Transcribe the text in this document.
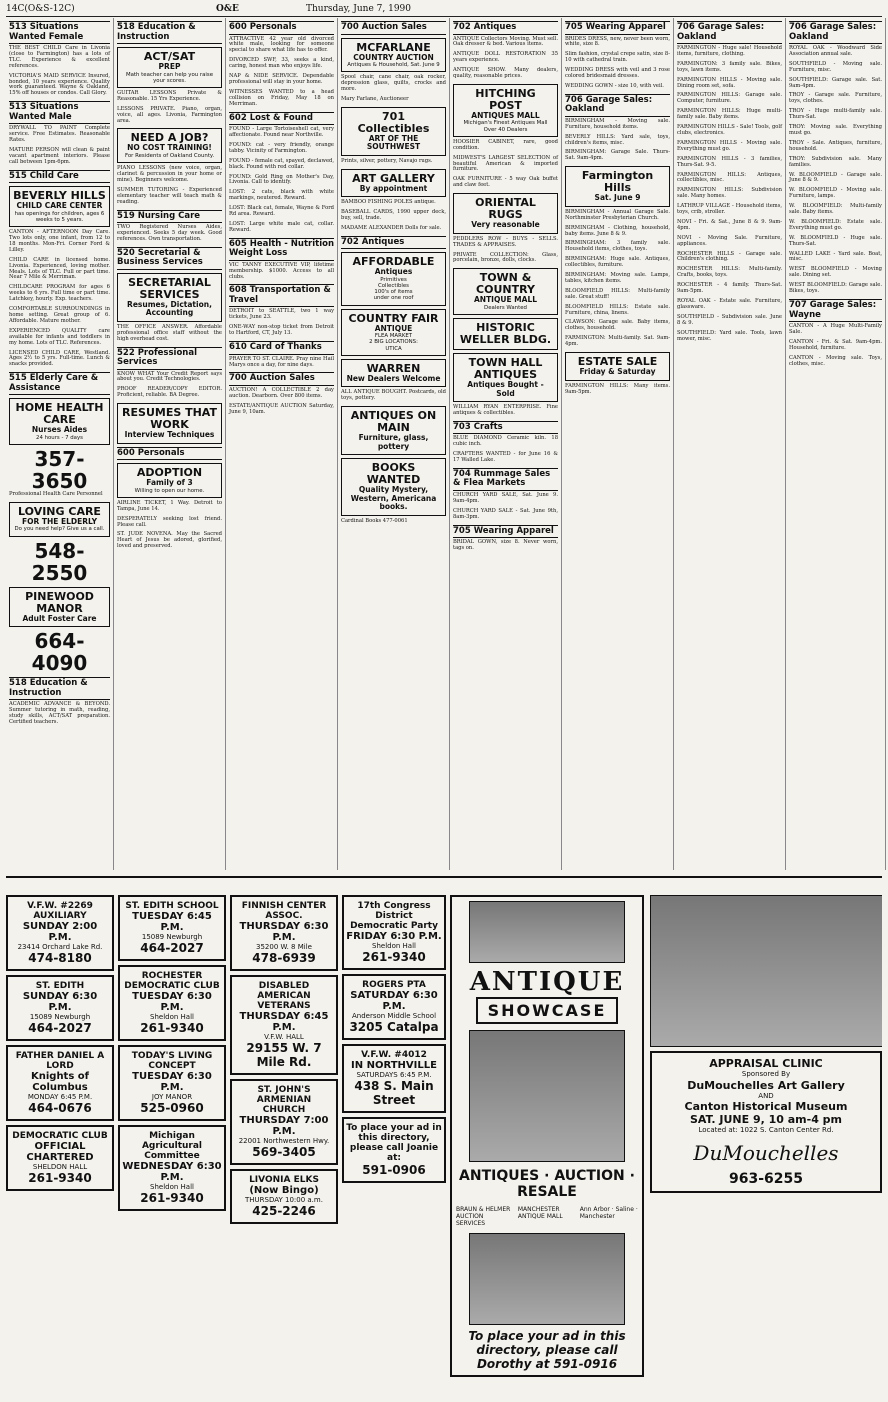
14C(O&S-12C)	O&E	Thursday, June 7, 1990
513 Situations Wanted Female
THE BEST CHILD Care in Livonia (close to Farmington) has a lots of TLC. Experience & excellent references.
VICTORIA'S MAID SERVICE Insured, bonded, 10 years experience. Quality work guaranteed. Wayne & Oakland, 15% off houses or condos. Call Glory.
513 Situations Wanted Male
DRYWALL TO PAINT Complete service. Free Estimates. Reasonable Rates.
MATURE PERSON will clean & paint vacant apartment interiors. Please call between 1pm-6pm.
515 Child Care
BEVERLY HILLS
CHILD CARE CENTER
has openings for children, ages 6 weeks to 5 years.
CANTON - AFTERNOON Day Care. Two lots only, one infant, from 12 to 18 months. Mon-Fri. Corner Ford & Lilley.
CHILD CARE in licensed home. Livonia. Experienced, loving mother. Meals. Lots of TLC. Full or part time. Near 7 Mile & Merriman.
CHILDCARE PROGRAM for ages 6 weeks to 6 yrs. Full time or part time. Latchkey, hourly. Exp. teachers.
COMFORTABLE SURROUNDINGS in home setting. Great group of 6. Affordable. Mature mother.
EXPERIENCED QUALITY care available for infants and toddlers in my home. Lots of TLC. References.
LICENSED CHILD CARE, Westland. Ages 2½ to 5 yrs. Full-time. Lunch & snacks provided.
515 Elderly Care & Assistance
HOME HEALTH CARE
Nurses Aides
24 hours - 7 days
357-3650
Professional Health Care Personnel
LOVING CARE
FOR THE ELDERLY
Do you need help? Give us a call.
548-2550
PINEWOOD MANOR
Adult Foster Care
664-4090
518 Education & Instruction
ACADEMIC ADVANCE & BEYOND. Summer tutoring in math, reading, study skills, ACT/SAT preparation. Certified teachers.
518 Education & Instruction
ACT/SAT
PREP
Math teacher can help you raise your scores.
GUITAR LESSONS Private & Reasonable. 15 Yrs Experience.
LESSONS PRIVATE. Piano, organ, voice, all ages. Livonia, Farmington area.
NEED A JOB?
NO COST TRAINING!
For Residents of Oakland County.
PIANO LESSONS (new voice, organ, clarinet & percussion in your home or mine). Beginners welcome.
SUMMER TUTORING - Experienced elementary teacher will teach math & reading.
519 Nursing Care
TWO Registered Nurses Aides, experienced. Seeks 5 day week. Good references. Own transportation.
520 Secretarial & Business Services
SECRETARIAL SERVICES
Resumes, Dictation, Accounting
THE OFFICE ANSWER. Affordable professional office staff without the high overhead cost.
522 Professional Services
KNOW WHAT Your Credit Report says about you. Credit Technologies.
PROOF READER/COPY EDITOR. Proficient, reliable. BA Degree.
RESUMES THAT WORK
Interview Techniques
600 Personals
ADOPTION
Family of 3
Willing to open our home.
AIRLINE TICKET, 1 Way. Detroit to Tampa, June 14.
DESPERATELY seeking lost friend. Please call.
ST. JUDE NOVENA. May the Sacred Heart of Jesus be adored, glorified, loved and preserved.
600 Personals
ATTRACTIVE 42 year old divorced white male, looking for someone special to share what life has to offer.
DIVORCED SWF, 33, seeks a kind, caring, honest man who enjoys life.
NAP & NIDE SERVICE. Dependable professional will stay in your home.
WITNESSES WANTED to a head collision on Friday, May 18 on Merriman.
602 Lost & Found
FOUND - Large Tortoiseshell cat, very affectionate. Found near Northville.
FOUND: cat - very friendly, orange tabby. Vicinity of Farmington.
FOUND - female cat, spayed, declawed, black. Found with red collar.
FOUND: Gold Ring on Mother's Day, Livonia. Call to identify.
LOST: 2 cats, black with white markings, neutered. Reward.
LOST: Black cat, female, Wayne & Ford Rd area. Reward.
LOST: Large white male cat, collar. Reward.
605 Health - Nutrition Weight Loss
VIC TANNY EXECUTIVE VIP, lifetime membership. $1000. Access to all clubs.
608 Transportation & Travel
DETROIT to SEATTLE, two 1 way tickets, June 23.
ONE-WAY non-stop ticket from Detroit to Hartford, CT, July 13.
610 Card of Thanks
PRAYER TO ST. CLAIRE. Pray nine Hail Marys once a day, for nine days.
700 Auction Sales
AUCTION! A COLLECTIBLE 2 day auction. Dearborn. Over 800 items.
ESTATE/ANTIQUE AUCTION Saturday, June 9, 10am.
700 Auction Sales
MCFARLANE
COUNTRY AUCTION
Antiques & Household, Sat. June 9
Spool chair, cane chair, oak rocker, depression glass, quilts, crocks and more.
Mary Farlane, Auctioneer
701 Collectibles
ART OF THE SOUTHWEST
Prints, silver, pottery, Navajo rugs.
ART GALLERY
By appointment
BAMBOO FISHING POLES antique.
BASEBALL CARDS, 1990 upper deck, buy, sell, trade.
MADAME ALEXANDER Dolls for sale.
702 Antiques
AFFORDABLE
Antiques
Primitives
Collectibles
100's of items
under one roof
COUNTRY FAIR
ANTIQUE
FLEA MARKET
2 BIG LOCATIONS:
UTICA
WARREN
New Dealers Welcome
ALL ANTIQUE BOUGHT. Postcards, old toys, pottery.
ANTIQUES ON MAIN
Furniture, glass, pottery
BOOKS WANTED
Quality Mystery, Western, Americana books.
Cardinal Books 477-0061
702 Antiques
ANTIQUE Collectors Moving. Must sell. Oak dresser & bed. Various items.
ANTIQUE DOLL RESTORATION 35 years experience.
ANTIQUE SHOW. Many dealers, quality, reasonable prices.
HITCHING POST
ANTIQUES MALL
Michigan's Finest Antiques Mall
Over 40 Dealers
HOOSIER CABINET, rare, good condition.
MIDWEST'S LARGEST SELECTION of beautiful American & imported furniture.
OAK FURNITURE - 5 way Oak buffet and claw feet.
ORIENTAL RUGS
Very reasonable
PEDDLERS ROW - BUYS - SELLS. TRADES & APPRAISES.
PRIVATE COLLECTION: Glass, porcelain, bronze, dolls, clocks.
TOWN & COUNTRY
ANTIQUE MALL
Dealers Wanted
HISTORIC WELLER BLDG.
TOWN HALL ANTIQUES
Antiques Bought - Sold
WILLIAM RYAN ENTERPRISE. Fine antiques & collectibles.
703 Crafts
BLUE DIAMOND Ceramic kiln. 18 cubic inch.
CRAFTERS WANTED - for June 16 & 17 Walled Lake.
704 Rummage Sales & Flea Markets
CHURCH YARD SALE, Sat. June 9. 9am-4pm.
CHURCH YARD SALE - Sat. June 9th, 8am-3pm.
705 Wearing Apparel
BRIDAL GOWN, size 8. Never worn, tags on.
705 Wearing Apparel
BRIDES DRESS, new, never been worn, white, size 8.
Slim fashion, crystal crepe satin, size 8-10 with cathedral train.
WEDDING DRESS with veil and 3 rose colored bridesmaid dresses.
WEDDING GOWN - size 10, with veil.
706 Garage Sales: Oakland
BIRMINGHAM - Moving sale. Furniture, household items.
BEVERLY HILLS: Yard sale, toys, children's items, misc.
BIRMINGHAM: Garage Sale. Thurs-Sat. 9am-4pm.
Farmington Hills
Sat. June 9
BIRMINGHAM - Annual Garage Sale. Northminster Presbyterian Church.
BIRMINGHAM - Clothing, household, baby items. June 8 & 9.
BIRMINGHAM: 3 family sale. Household items, clothes, toys.
BIRMINGHAM: Huge sale. Antiques, collectibles, furniture.
BIRMINGHAM: Moving sale. Lamps, tables, kitchen items.
BLOOMFIELD HILLS: Multi-family sale. Great stuff!
BLOOMFIELD HILLS: Estate sale. Furniture, china, linens.
CLAWSON: Garage sale. Baby items, clothes, household.
FARMINGTON: Multi-family. Sat. 9am-4pm.
ESTATE SALE
Friday & Saturday
FARMINGTON HILLS: Many items. 9am-5pm.
706 Garage Sales: Oakland
FARMINGTON - Huge sale! Household items, furniture, clothing.
FARMINGTON: 3 family sale. Bikes, toys, lawn items.
FARMINGTON HILLS - Moving sale. Dining room set, sofa.
FARMINGTON HILLS: Garage sale. Computer, furniture.
FARMINGTON HILLS: Huge multi-family sale. Baby items.
FARMINGTON HILLS - Sale! Tools, golf clubs, electronics.
FARMINGTON HILLS - Moving sale. Everything must go.
FARMINGTON HILLS - 3 families, Thurs-Sat. 9-5.
FARMINGTON HILLS: Antiques, collectibles, misc.
FARMINGTON HILLS: Subdivision sale. Many homes.
LATHRUP VILLAGE - Household items, toys, crib, stroller.
NOVI - Fri. & Sat., June 8 & 9. 9am-4pm.
NOVI - Moving Sale. Furniture, appliances.
ROCHESTER HILLS - Garage sale. Children's clothing.
ROCHESTER HILLS: Multi-family. Crafts, books, toys.
ROCHESTER - 4 family. Thurs-Sat. 9am-5pm.
ROYAL OAK - Estate sale. Furniture, glassware.
SOUTHFIELD - Subdivision sale. June 8 & 9.
SOUTHFIELD: Yard sale. Tools, lawn mower, misc.
706 Garage Sales: Oakland
ROYAL OAK - Woodward Side Association annual sale.
SOUTHFIELD - Moving sale. Furniture, misc.
SOUTHFIELD: Garage sale. Sat. 9am-4pm.
TROY - Garage sale. Furniture, toys, clothes.
TROY - Huge multi-family sale. Thurs-Sat.
TROY: Moving sale. Everything must go.
TROY - Sale. Antiques, furniture, household.
TROY: Subdivision sale. Many families.
W. BLOOMFIELD - Garage sale. June 8 & 9.
W. BLOOMFIELD - Moving sale. Furniture, lamps.
W. BLOOMFIELD: Multi-family sale. Baby items.
W. BLOOMFIELD: Estate sale. Everything must go.
W. BLOOMFIELD - Huge sale. Thurs-Sat.
WALLED LAKE - Yard sale. Boat, misc.
WEST BLOOMFIELD - Moving sale. Dining set.
WEST BLOOMFIELD: Garage sale. Bikes, toys.
707 Garage Sales: Wayne
CANTON - A Huge Multi-Family Sale.
CANTON - Fri. & Sat. 9am-4pm. Household, furniture.
CANTON - Moving sale. Toys, clothes, misc.
V.F.W. #2269 AUXILIARY
SUNDAY 2:00 P.M.
23414 Orchard Lake Rd.
474-8180
ST. EDITH
SUNDAY 6:30 P.M.
15089 Newburgh
464-2027
FATHER DANIEL A LORD
Knights of Columbus
MONDAY 6:45 P.M.
464-0676
DEMOCRATIC CLUB
OFFICIAL CHARTERED
SHELDON HALL
261-9340
ST. EDITH SCHOOL
TUESDAY 6:45 P.M.
15089 Newburgh
464-2027
ROCHESTER DEMOCRATIC CLUB
TUESDAY 6:30 P.M.
Sheldon Hall
261-9340
TODAY'S LIVING CONCEPT
TUESDAY 6:30 P.M.
JOY MANOR
525-0960
Michigan Agricultural Committee
WEDNESDAY 6:30 P.M.
Sheldon Hall
261-9340
FINNISH CENTER ASSOC.
THURSDAY 6:30 P.M.
35200 W. 8 Mile
478-6939
DISABLED AMERICAN VETERANS
THURSDAY 6:45 P.M.
V.F.W. HALL
29155 W. 7 Mile Rd.
ST. JOHN'S ARMENIAN CHURCH
THURSDAY 7:00 P.M.
22001 Northwestern Hwy.
569-3405
LIVONIA ELKS
(Now Bingo)
THURSDAY 10:00 a.m.
425-2246
17th Congress District Democratic Party
FRIDAY 6:30 P.M.
Sheldon Hall
261-9340
ROGERS PTA
SATURDAY 6:30 P.M.
Anderson Middle School
3205 Catalpa
V.F.W. #4012
IN NORTHVILLE
SATURDAYS 6:45 P.M.
438 S. Main Street
To place your ad in this directory, please call Joanie at:
591-0906
ANTIQUE
SHOWCASE
ANTIQUES · AUCTION · RESALE
BRAUN & HELMER AUCTION SERVICES
MANCHESTER ANTIQUE MALL
Ann Arbor · Saline · Manchester
To place your ad in this directory, please call Dorothy at 591-0916
APPRAISAL CLINIC
Sponsored By
DuMouchelles Art Gallery
AND
Canton Historical Museum
SAT. JUNE 9, 10 am-4 pm
Located at: 1022 S. Canton Center Rd.
DuMouchelles
963-6255
